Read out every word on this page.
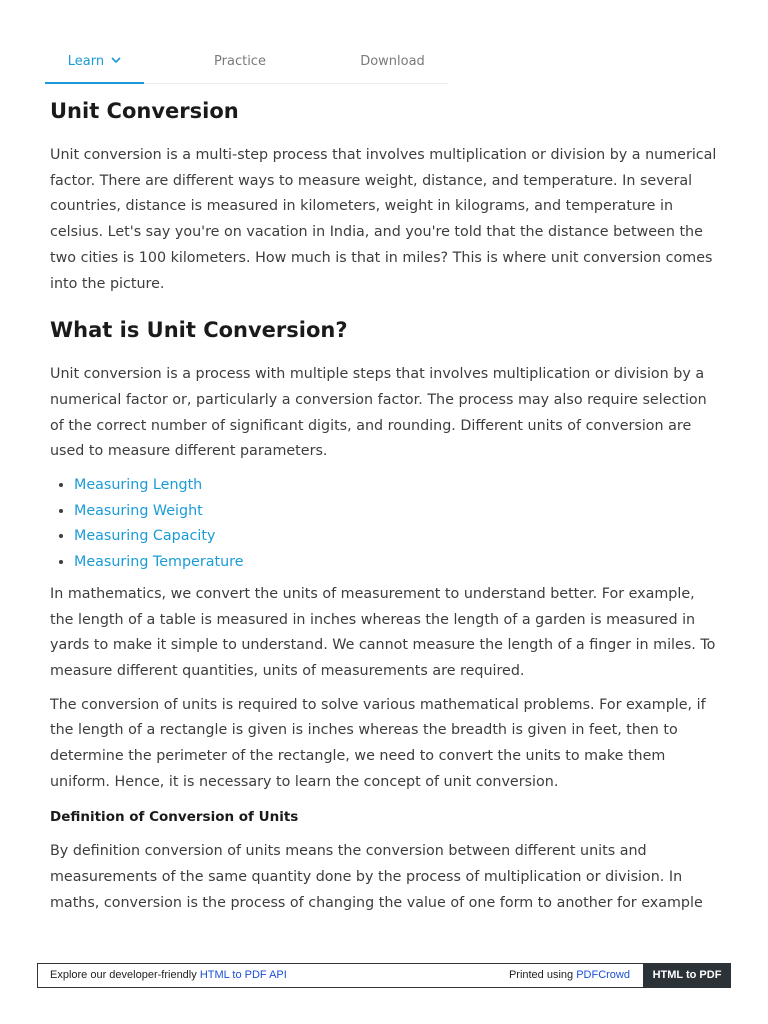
Learn	Practice	Download
Unit Conversion

Unit conversion is a multi-step process that involves multiplication or division by a numerical factor. There are different ways to measure weight, distance, and temperature. In several countries, distance is measured in kilometers, weight in kilograms, and temperature in celsius. Let's say you're on vacation in India, and you're told that the distance between the two cities is 100 kilometers. How much is that in miles? This is where unit conversion comes into the picture.

What is Unit Conversion?

Unit conversion is a process with multiple steps that involves multiplication or division by a numerical factor or, particularly a conversion factor. The process may also require selection of the correct number of significant digits, and rounding. Different units of conversion are used to measure different parameters.

• Measuring Length
• Measuring Weight
• Measuring Capacity
• Measuring Temperature

In mathematics, we convert the units of measurement to understand better. For example, the length of a table is measured in inches whereas the length of a garden is measured in yards to make it simple to understand. We cannot measure the length of a finger in miles. To measure different quantities, units of measurements are required.

The conversion of units is required to solve various mathematical problems. For example, if the length of a rectangle is given is inches whereas the breadth is given in feet, then to determine the perimeter of the rectangle, we need to convert the units to make them uniform. Hence, it is necessary to learn the concept of unit conversion.

Definition of Conversion of Units

By definition conversion of units means the conversion between different units and measurements of the same quantity done by the process of multiplication or division. In maths, conversion is the process of changing the value of one form to another for example

Explore our developer-friendly HTML to PDF API	Printed using PDFCrowd	HTML to PDF
